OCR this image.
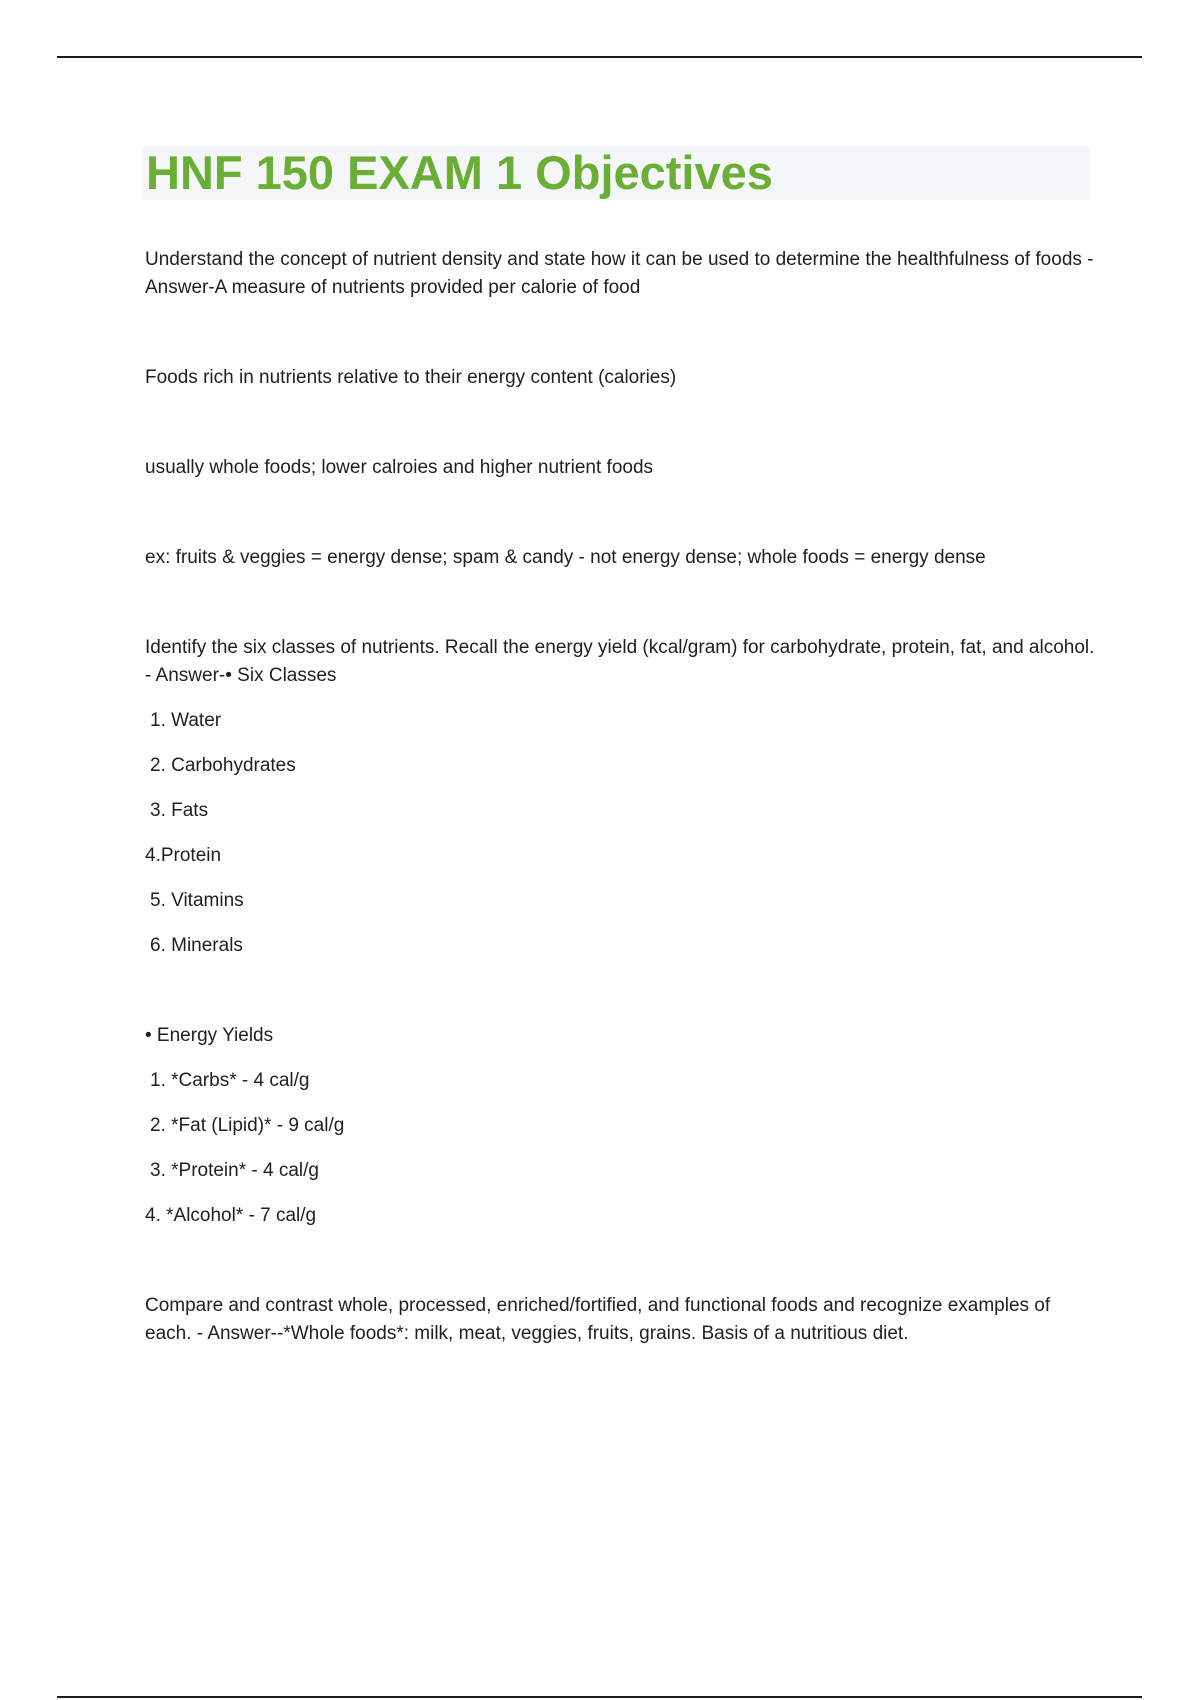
HNF 150 EXAM 1 Objectives

Understand the concept of nutrient density and state how it can be used to determine the healthfulness of foods - Answer-A measure of nutrients provided per calorie of food

Foods rich in nutrients relative to their energy content (calories)

usually whole foods; lower calroies and higher nutrient foods

ex: fruits & veggies = energy dense; spam & candy - not energy dense; whole foods = energy dense

Identify the six classes of nutrients. Recall the energy yield (kcal/gram) for carbohydrate, protein, fat, and alcohol. - Answer-• Six Classes

1. Water

2. Carbohydrates

3. Fats

4.Protein

5. Vitamins

6. Minerals

• Energy Yields

1. *Carbs* - 4 cal/g

2. *Fat (Lipid)* - 9 cal/g

3. *Protein* - 4 cal/g

4. *Alcohol* - 7 cal/g

Compare and contrast whole, processed, enriched/fortified, and functional foods and recognize examples of each. - Answer--*Whole foods*: milk, meat, veggies, fruits, grains. Basis of a nutritious diet.
